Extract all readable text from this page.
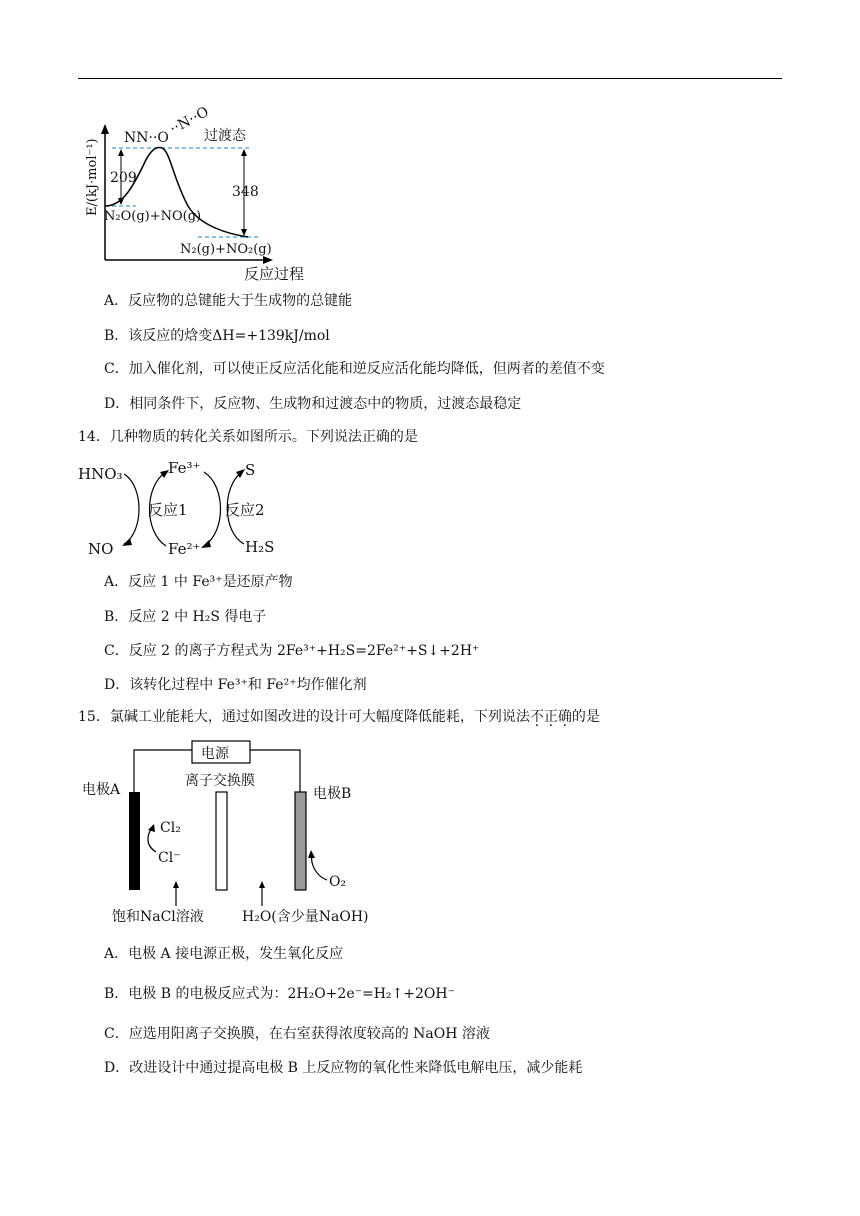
NN··O
··N··O
过渡态
E/(kJ·mol⁻¹) 209
348
N₂O(g)+NO(g)
N₂(g)+NO₂(g)
反应过程
A．反应物的总键能大于生成物的总键能
B．该反应的焓变ΔH=+139kJ/mol
C．加入催化剂，可以使正反应活化能和逆反应活化能均降低，但两者的差值不变
D．相同条件下，反应物、生成物和过渡态中的物质，过渡态最稳定
14．几种物质的转化关系如图所示。下列说法正确的是
HNO₃	Fe³⁺	S
反应1 反应2
NO	Fe²⁺	H₂S
A．反应 1 中 Fe³⁺是还原产物
B．反应 2 中 H₂S 得电子
C．反应 2 的离子方程式为 2Fe³⁺+H₂S=2Fe²⁺+S↓+2H⁺
D．该转化过程中 Fe³⁺和 Fe²⁺均作催化剂
15．氯碱工业能耗大，通过如图改进的设计可大幅度降低能耗，下列说法不正确的是
电源
离子交换膜
电极A	电极B
Cl₂
Cl⁻
O₂
饱和NaCl溶液	H₂O(含少量NaOH)
A．电极 A 接电源正极，发生氧化反应
B．电极 B 的电极反应式为：2H₂O+2e⁻=H₂↑+2OH⁻
C．应选用阳离子交换膜，在右室获得浓度较高的 NaOH 溶液
D．改进设计中通过提高电极 B 上反应物的氧化性来降低电解电压，减少能耗
